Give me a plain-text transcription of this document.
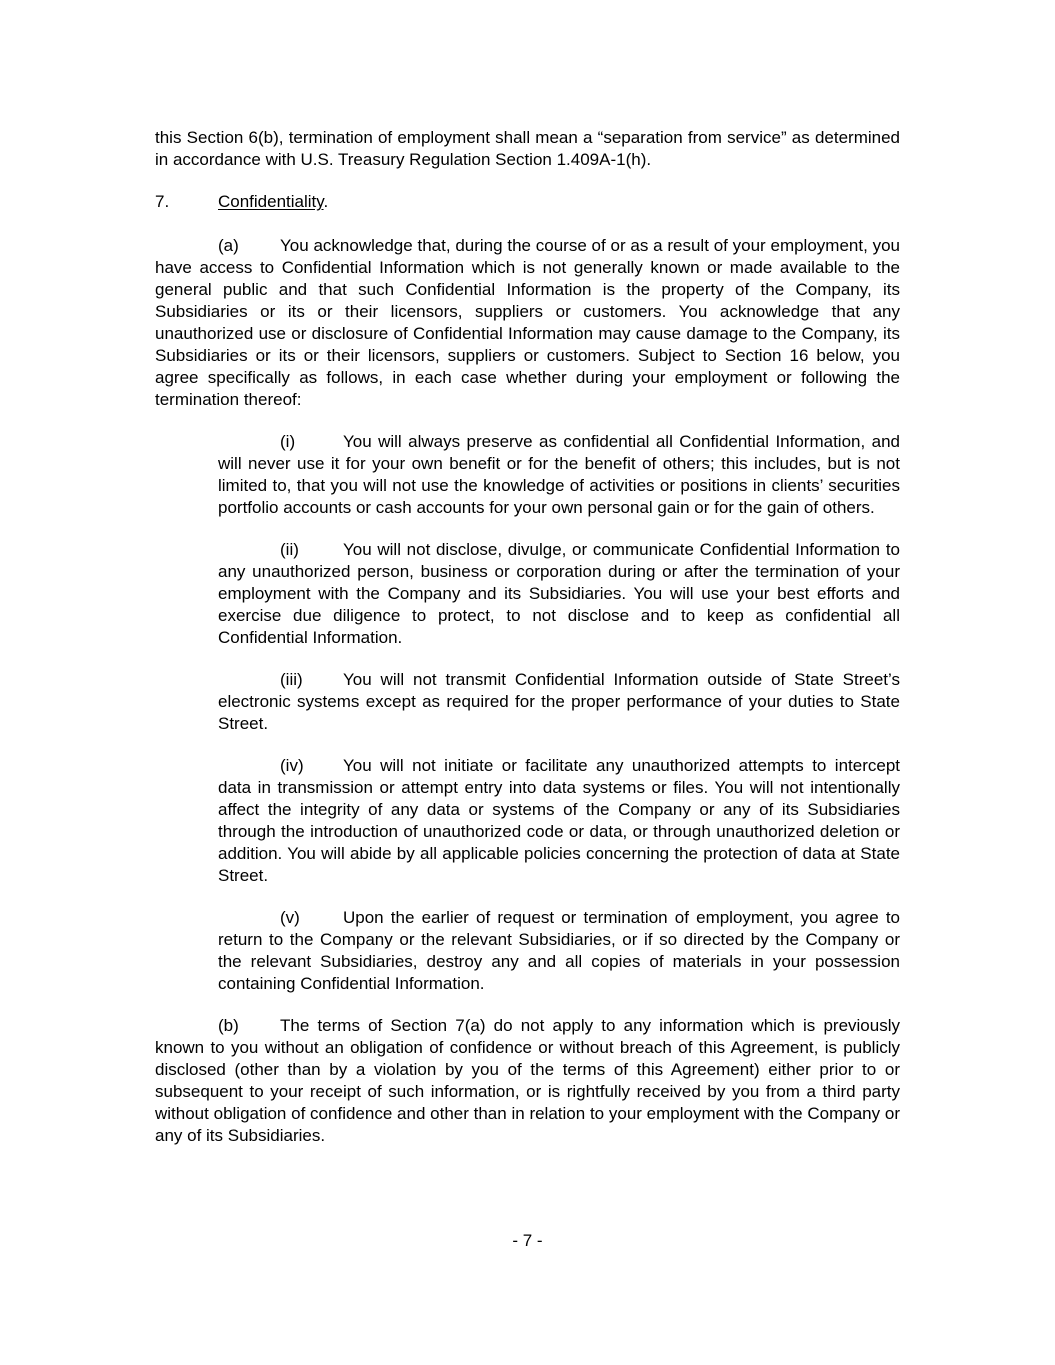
this Section 6(b), termination of employment shall mean a “separation from service” as determined in accordance with U.S. Treasury Regulation Section 1.409A-1(h).

7.	Confidentiality.

(a) You acknowledge that, during the course of or as a result of your employment, you have access to Confidential Information which is not generally known or made available to the general public and that such Confidential Information is the property of the Company, its Subsidiaries or its or their licensors, suppliers or customers. You acknowledge that any unauthorized use or disclosure of Confidential Information may cause damage to the Company, its Subsidiaries or its or their licensors, suppliers or customers. Subject to Section 16 below, you agree specifically as follows, in each case whether during your employment or following the termination thereof:

(i)	You will always preserve as confidential all Confidential Information, and will never use it for your own benefit or for the benefit of others; this includes, but is not limited to, that you will not use the knowledge of activities or positions in clients’ securities portfolio accounts or cash accounts for your own personal gain or for the gain of others.

(ii)	You will not disclose, divulge, or communicate Confidential Information to any unauthorized person, business or corporation during or after the termination of your employment with the Company and its Subsidiaries. You will use your best efforts and exercise due diligence to protect, to not disclose and to keep as confidential all Confidential Information.

(iii) You will not transmit Confidential Information outside of State Street’s electronic systems except as required for the proper performance of your duties to State Street.

(iv) You will not initiate or facilitate any unauthorized attempts to intercept data in transmission or attempt entry into data systems or files. You will not intentionally affect the integrity of any data or systems of the Company or any of its Subsidiaries through the introduction of unauthorized code or data, or through unauthorized deletion or addition. You will abide by all applicable policies concerning the protection of data at State Street.

(v)	Upon the earlier of request or termination of employment, you agree to return to the Company or the relevant Subsidiaries, or if so directed by the Company or the relevant Subsidiaries, destroy any and all copies of materials in your possession containing Confidential Information.

(b) The terms of Section 7(a) do not apply to any information which is previously known to you without an obligation of confidence or without breach of this Agreement, is publicly disclosed (other than by a violation by you of the terms of this Agreement) either prior to or subsequent to your receipt of such information, or is rightfully received by you from a third party without obligation of confidence and other than in relation to your employment with the Company or any of its Subsidiaries.

- 7 -
